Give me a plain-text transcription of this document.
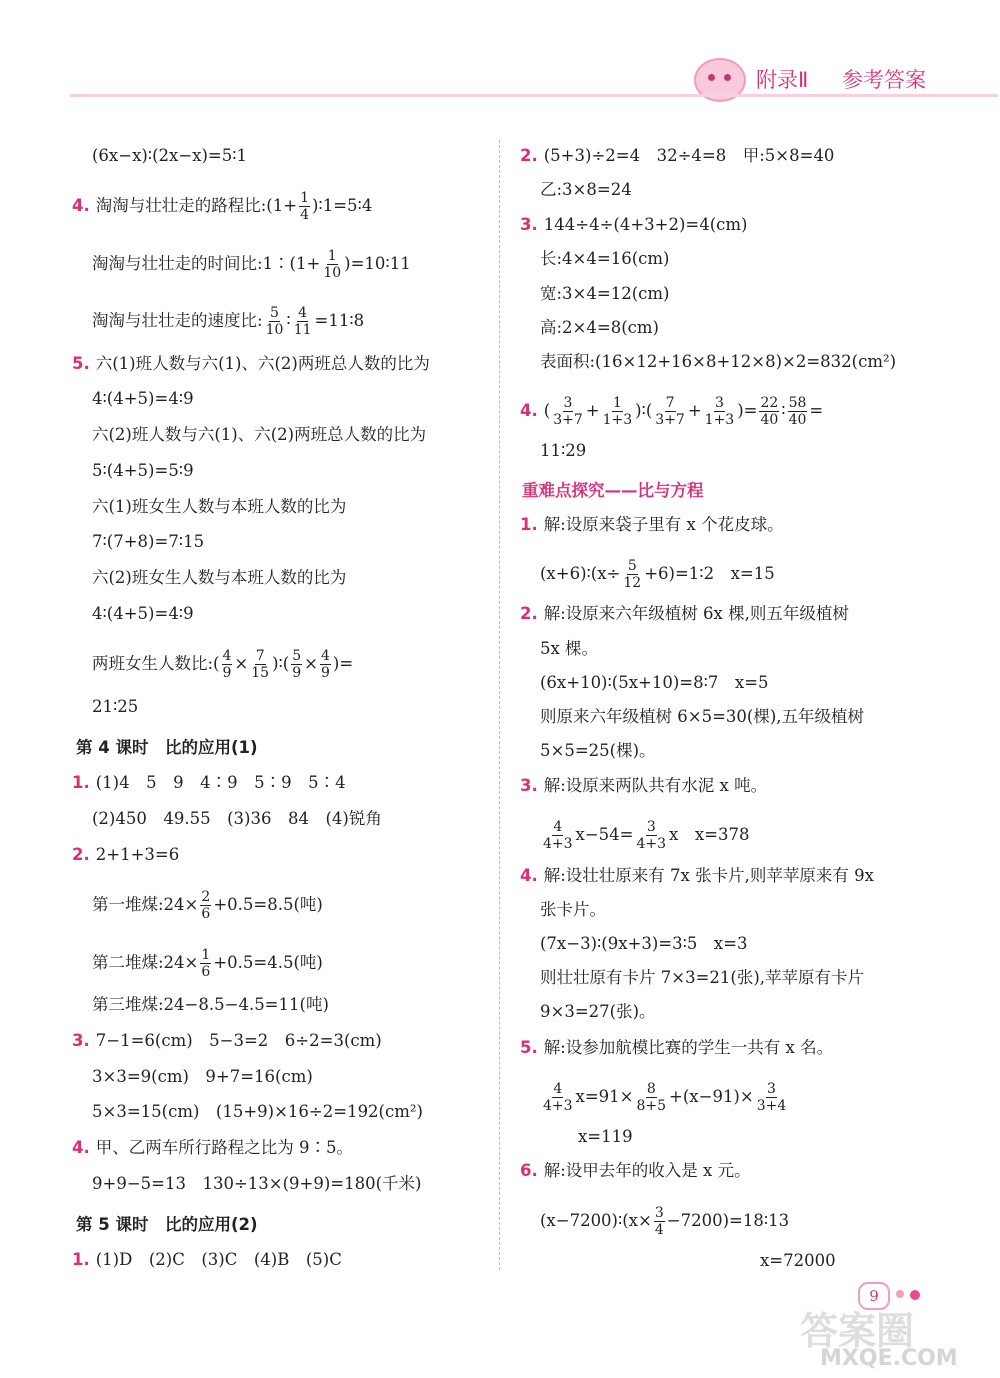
附录Ⅱ 参考答案
(6x−x)∶(2x−x)=5∶1
4. 淘淘与壮壮走的路程比:(1+ $\frac{1}{4}$ )∶1=5∶4
淘淘与壮壮走的时间比:1∶(1+ $\frac{1}{10}$ )=10∶11
淘淘与壮壮走的速度比: $\frac{5}{10}$ ∶ $\frac{4}{11}$ =11∶8
5. 六(1)班人数与六(1)、六(2)两班总人数的比为
4∶(4+5)=4∶9
六(2)班人数与六(1)、六(2)两班总人数的比为
5∶(4+5)=5∶9
六(1)班女生人数与本班人数的比为
7∶(7+8)=7∶15
六(2)班女生人数与本班人数的比为
4∶(4+5)=4∶9
两班女生人数比:( $\frac{4}{9} \times \frac{7}{15}$ )∶( $\frac{5}{9} \times \frac{4}{9}$ )=
21∶25
第 4 课时　比的应用(1)
1. (1)4　5　9　4∶9　5∶9　5∶4
(2)450　49.55　(3)36　84　(4)锐角
2. 2+1+3=6
第一堆煤:24× $\frac{2}{6} +0.5=8.5$(吨)
第二堆煤:24× $\frac{1}{6} +0.5=4.5$(吨)
第三堆煤:24−8.5−4.5=11(吨)
3. 7−1=6(cm)　5−3=2　6÷2=3(cm)
3×3=9(cm)　9+7=16(cm)
5×3=15(cm)　(15+9)×16÷2=192(cm²)
4. 甲、乙两车所行路程之比为 9∶5。
9+9−5=13　130÷13×(9+9)=180(千米)
第 5 课时　比的应用(2)
1. (1)D　(2)C　(3)C　(4)B　(5)C
2. (5+3)÷2=4　32÷4=8　甲:5×8=40
乙:3×8=24
3. 144÷4÷(4+3+2)=4(cm)
长:4×4=16(cm)
宽:3×4=12(cm)
高:2×4=8(cm)
表面积:(16×12+16×8+12×8)×2=832(cm²)
4. ( $\frac{3}{3+7} + \frac{1}{1+3}$ )∶( $\frac{7}{3+7} + \frac{3}{1+3}$ )= $\frac{22}{40}$ ∶ $\frac{58}{40}$ =
11∶29
重难点探究——比与方程
1. 解:设原来袋子里有 x 个花皮球。
(x+6)∶(x÷ $\frac{5}{12}$ +6)=1∶2　x=15
2. 解:设原来六年级植树 6x 棵,则五年级植树
5x 棵。
(6x+10)∶(5x+10)=8∶7　x=5
则原来六年级植树 6×5=30(棵),五年级植树
5×5=25(棵)。
3. 解:设原来两队共有水泥 x 吨。
$\frac{4}{4+3} x-54= \frac{3}{4+3}$ x　x=378
4. 解:设壮壮原来有 7x 张卡片,则苹苹原来有 9x
张卡片。
(7x−3)∶(9x+3)=3∶5　x=3
则壮壮原有卡片 7×3=21(张),苹苹原有卡片
9×3=27(张)。
5. 解:设参加航模比赛的学生一共有 x 名。
$\frac{4}{4+3} x=91\times \frac{8}{8+5} +(x-91)\times \frac{3}{3+4}$
x=119
6. 解:设甲去年的收入是 x 元。
(x−7200)∶(x× $\frac{3}{4}$ −7200)=18∶13
x=72000
9
答案圈
MXQE.COM
